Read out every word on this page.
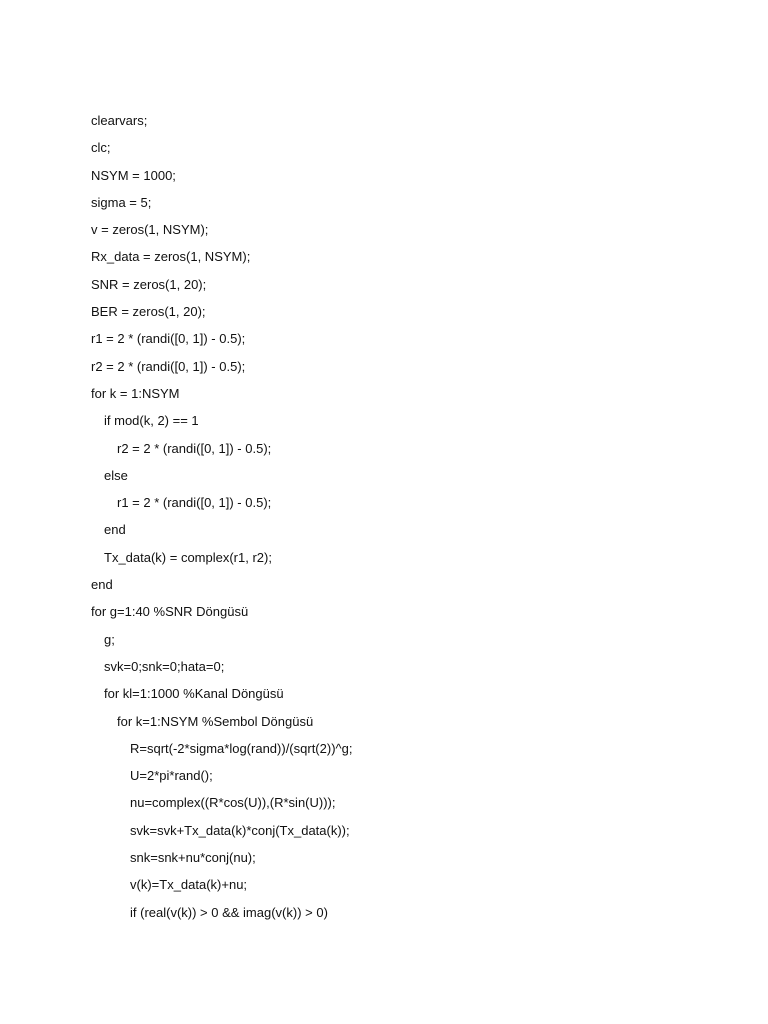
clearvars;
clc;
NSYM = 1000;
sigma = 5;
v = zeros(1, NSYM);
Rx_data = zeros(1, NSYM);
SNR = zeros(1, 20);
BER = zeros(1, 20);
r1 = 2 * (randi([0, 1]) - 0.5);
r2 = 2 * (randi([0, 1]) - 0.5);
for k = 1:NSYM
if mod(k, 2) == 1
r2 = 2 * (randi([0, 1]) - 0.5);
else
r1 = 2 * (randi([0, 1]) - 0.5);
end
Tx_data(k) = complex(r1, r2);
end
for g=1:40 %SNR Döngüsü
g;
svk=0;snk=0;hata=0;
for kl=1:1000 %Kanal Döngüsü
for k=1:NSYM %Sembol Döngüsü
R=sqrt(-2*sigma*log(rand))/(sqrt(2))^g;
U=2*pi*rand();
nu=complex((R*cos(U)),(R*sin(U)));
svk=svk+Tx_data(k)*conj(Tx_data(k));
snk=snk+nu*conj(nu);
v(k)=Tx_data(k)+nu;
if (real(v(k)) > 0 && imag(v(k)) > 0)
